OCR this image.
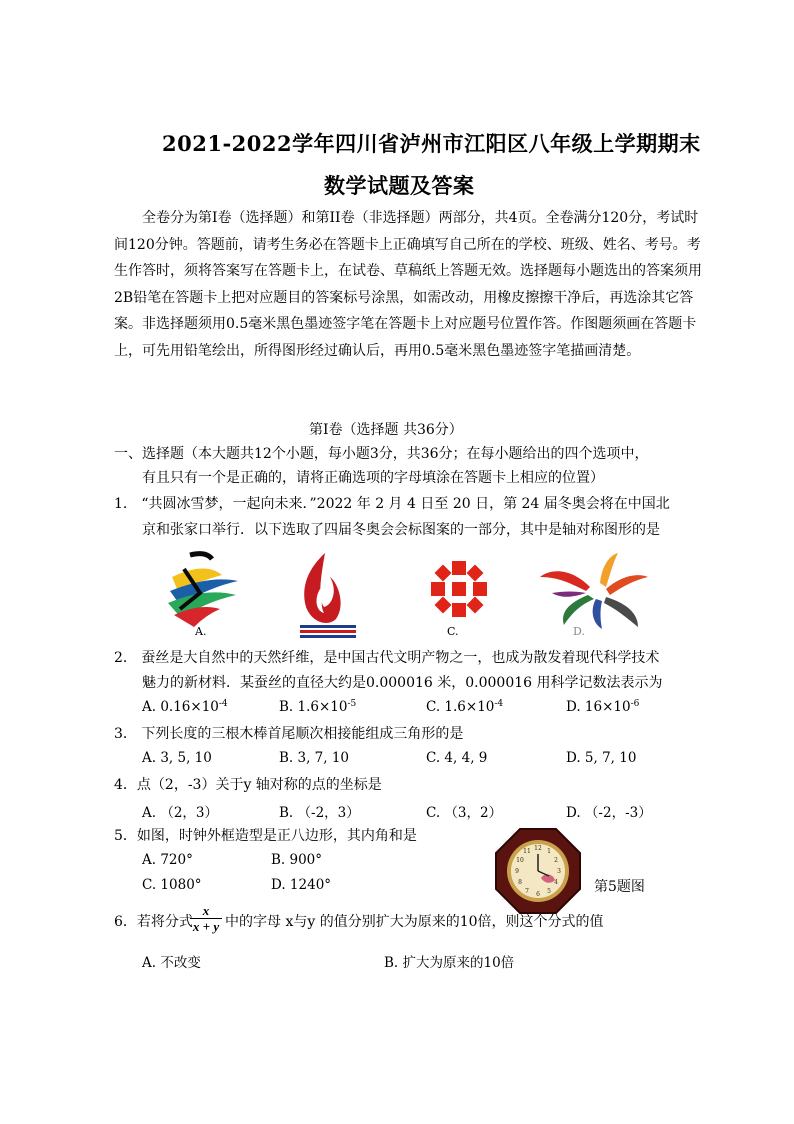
2021-2022学年四川省泸州市江阳区八年级上学期期末
数学试题及答案
全卷分为第I卷（选择题）和第II卷（非选择题）两部分，共4页。全卷满分120分，考试时间120分钟。答题前，请考生务必在答题卡上正确填写自己所在的学校、班级、姓名、考号。考生作答时，须将答案写在答题卡上，在试卷、草稿纸上答题无效。选择题每小题选出的答案须用2B铅笔在答题卡上把对应题目的答案标号涂黑，如需改动，用橡皮擦擦干净后，再选涂其它答案。非选择题须用0.5毫米黑色墨迹签字笔在答题卡上对应题号位置作答。作图题须画在答题卡上，可先用铅笔绘出，所得图形经过确认后，再用0.5毫米黑色墨迹签字笔描画清楚。
第I卷（选择题 共36分）
一、选择题（本大题共12个小题，每小题3分，共36分；在每小题给出的四个选项中，
有且只有一个是正确的，请将正确选项的字母填涂在答题卡上相应的位置）
1． “共圆冰雪梦，一起向未来．”2022 年 2 月 4 日至 20 日，第 24 届冬奥会将在中国北
京和张家口举行．以下选取了四届冬奥会会标图案的一部分，其中是轴对称图形的是
A.	C.	D.
2． 蚕丝是大自然中的天然纤维，是中国古代文明产物之一，也成为散发着现代科学技术
魅力的新材料．某蚕丝的直径大约是0.000016 米，0.000016 用科学记数法表示为
A. $0.16\times 10^{-4}$	B. $1.6\times 10^{-5}$	C. $1.6\times 10^{-4}$	D. $16\times 10^{-6}$
3． 下列长度的三根木棒首尾顺次相接能组成三角形的是
A. 3, 5, 10	B. 3, 7, 10	C. 4, 4, 9	D. 5, 7, 10
4．点（2，-3）关于y 轴对称的点的坐标是
A. （2，3）	B. （-2，3）	C. （3，2）	D. （-2，-3）
5．如图，时钟外框造型是正八边形，其内角和是
A. 720°	B. 900°
C. 1080°	D. 1240°
12
3
6
9
1
2
4
5
7
8
10
11
第5题图
6．若将分式
x
x + y 中的字母 x与y 的值分别扩大为原来的10倍，则这个分式的值
A. 不改变	B. 扩大为原来的10倍
